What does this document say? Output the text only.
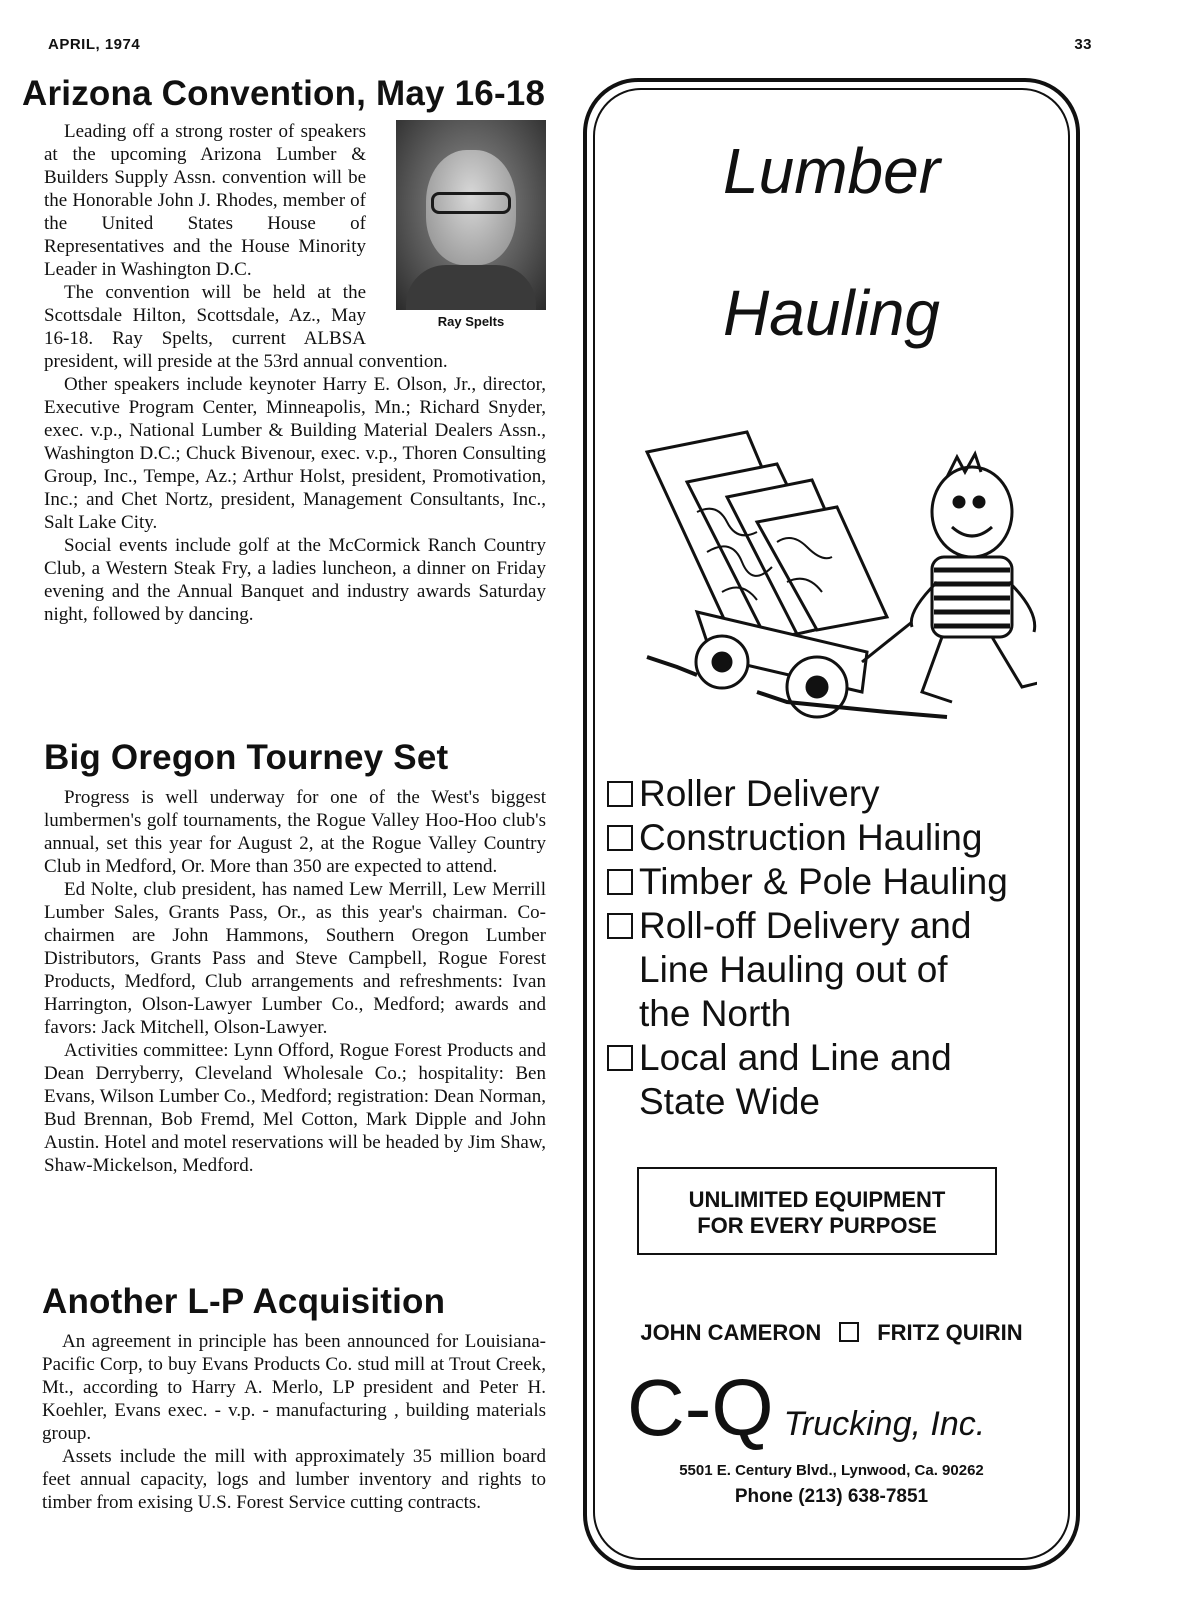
APRIL, 1974	33
Arizona Convention, May 16-18
Ray Spelts

Leading off a strong roster of speakers at the upcoming Arizona Lumber & Builders Supply Assn. convention will be the Honorable John J. Rhodes, member of the United States House of Representatives and the House Minority Leader in Washington D.C.

The convention will be held at the Scottsdale Hilton, Scottsdale, Az., May 16-18. Ray Spelts, current ALBSA president, will preside at the 53rd annual convention.

Other speakers include keynoter Harry E. Olson, Jr., director, Executive Program Center, Minneapolis, Mn.; Richard Snyder, exec. v.p., National Lumber & Building Material Dealers Assn., Washington D.C.; Chuck Bivenour, exec. v.p., Thoren Consulting Group, Inc., Tempe, Az.; Arthur Holst, president, Promotivation, Inc.; and Chet Nortz, president, Management Consultants, Inc., Salt Lake City.

Social events include golf at the McCormick Ranch Country Club, a Western Steak Fry, a ladies luncheon, a dinner on Friday evening and the Annual Banquet and industry awards Saturday night, followed by dancing.

Big Oregon Tourney Set

Progress is well underway for one of the West's biggest lumbermen's golf tournaments, the Rogue Valley Hoo-Hoo club's annual, set this year for August 2, at the Rogue Valley Country Club in Medford, Or. More than 350 are expected to attend.

Ed Nolte, club president, has named Lew Merrill, Lew Merrill Lumber Sales, Grants Pass, Or., as this year's chairman. Co-chairmen are John Hammons, Southern Oregon Lumber Distributors, Grants Pass and Steve Campbell, Rogue Forest Products, Medford, Club arrangements and refreshments: Ivan Harrington, Olson-Lawyer Lumber Co., Medford; awards and favors: Jack Mitchell, Olson-Lawyer.

Activities committee: Lynn Offord, Rogue Forest Products and Dean Derryberry, Cleveland Wholesale Co.; hospitality: Ben Evans, Wilson Lumber Co., Medford; registration: Dean Norman, Bud Brennan, Bob Fremd, Mel Cotton, Mark Dipple and John Austin. Hotel and motel reservations will be headed by Jim Shaw, Shaw-Mickelson, Medford.

Another L-P Acquisition

An agreement in principle has been announced for Louisiana-Pacific Corp, to buy Evans Products Co. stud mill at Trout Creek, Mt., according to Harry A. Merlo, LP president and Peter H. Koehler, Evans exec. - v.p. - manufacturing , building materials group.

Assets include the mill with approximately 35 million board feet annual capacity, logs and lumber inventory and rights to timber from exising U.S. Forest Service cutting contracts.

Lumber
Hauling
Roller Delivery
Construction Hauling
Timber & Pole Hauling
Roll-off Delivery and
Line Hauling out of
the North
Local and Line and
State Wide
UNLIMITED EQUIPMENT
FOR EVERY PURPOSE
JOHN CAMERON	FRITZ QUIRIN
C-Q Trucking, Inc.
5501 E. Century Blvd., Lynwood, Ca. 90262
Phone (213) 638-7851
